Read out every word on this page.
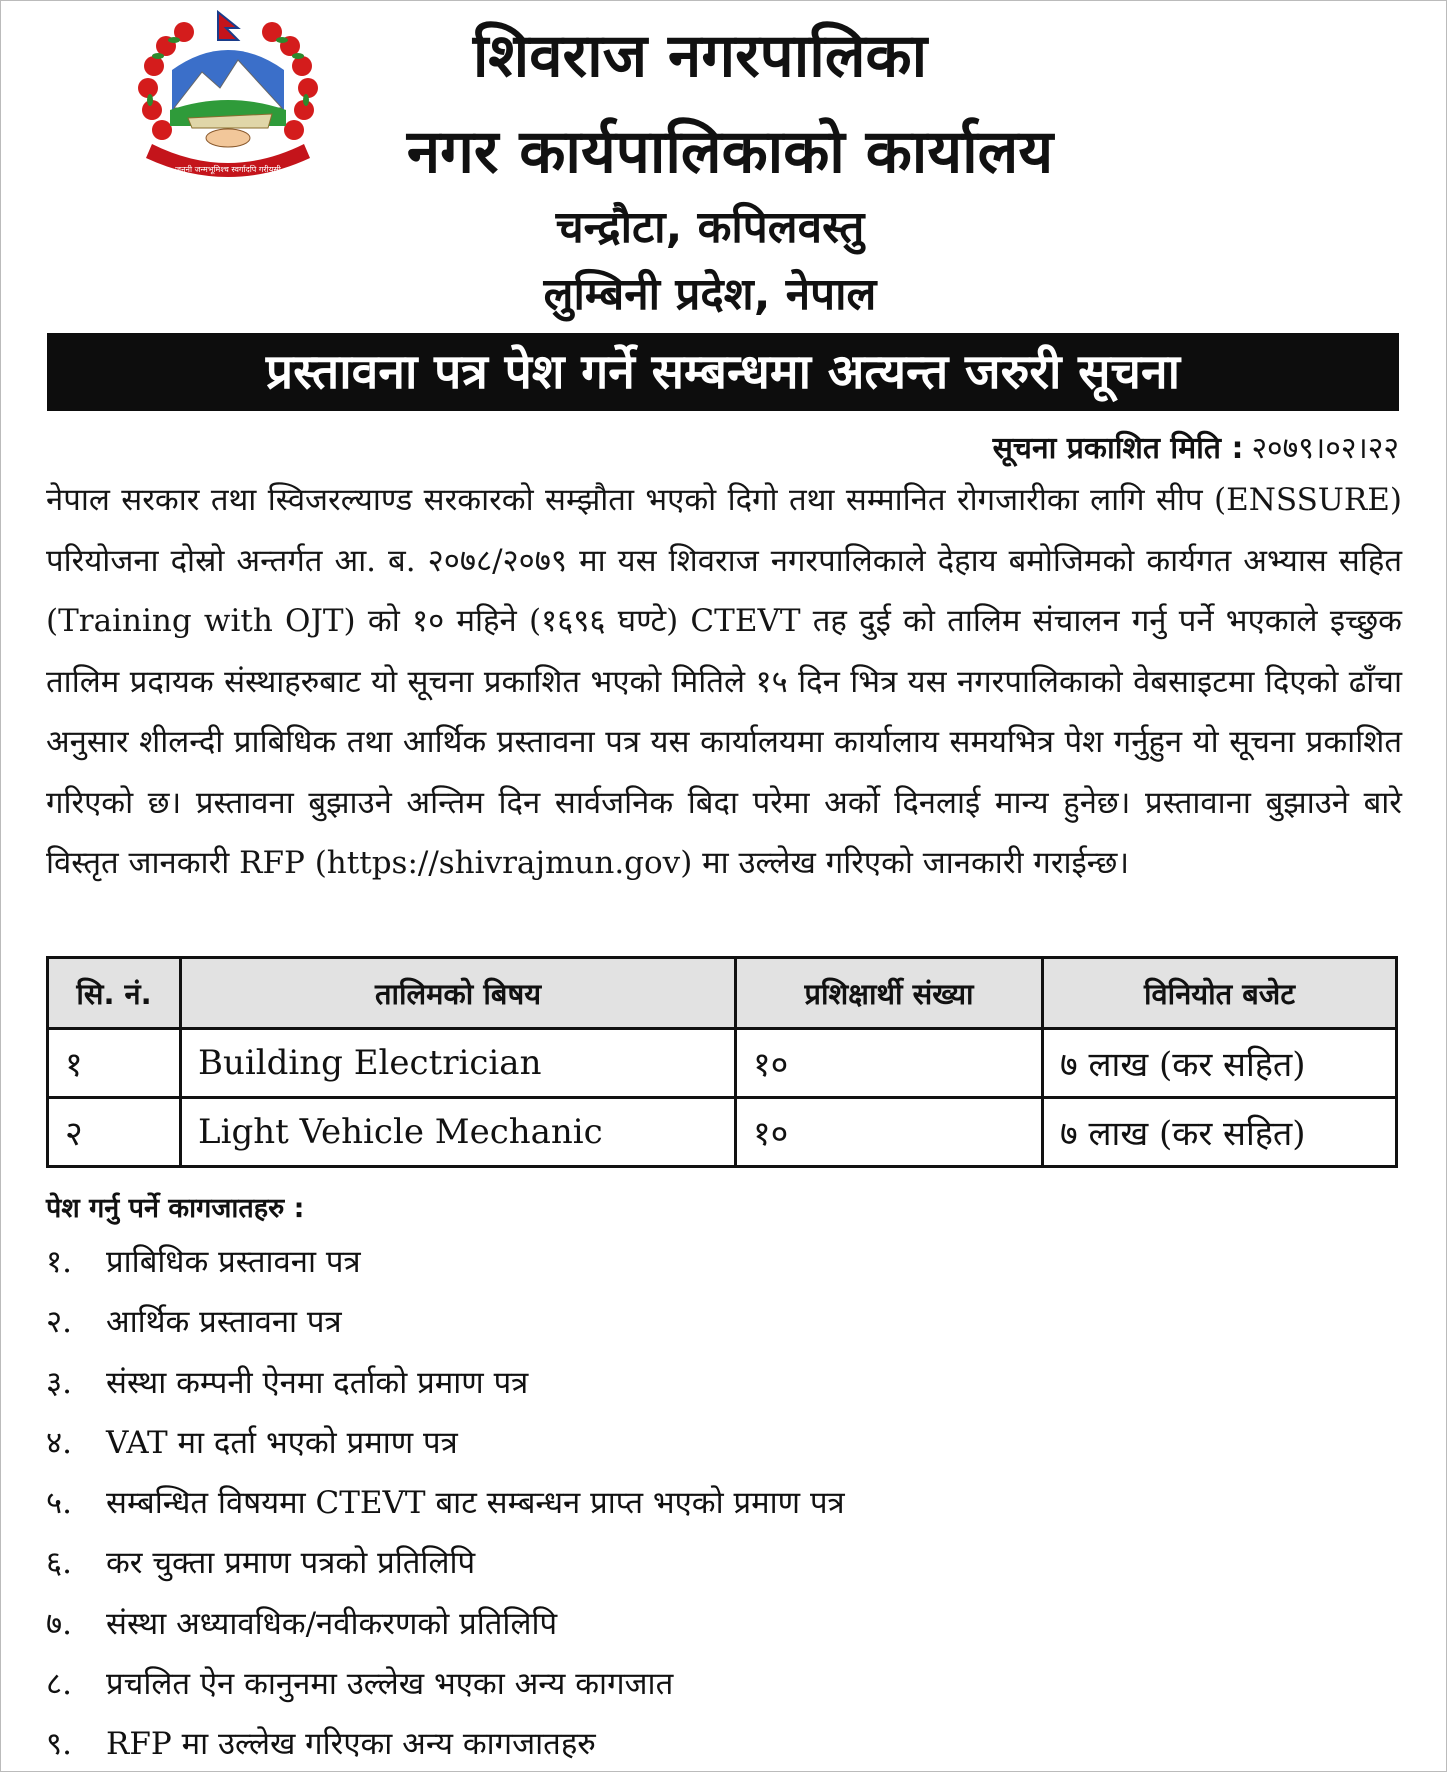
जननी जन्मभूमिश्च स्वर्गादपि गरीयसी
शिवराज नगरपालिका
नगर कार्यपालिकाको कार्यालय
चन्द्रौटा, कपिलवस्तु
लुम्बिनी प्रदेश, नेपाल
प्रस्तावना पत्र पेश गर्ने सम्बन्धमा अत्यन्त जरुरी सूचना
सूचना प्रकाशित मिति : २०७९।०२।२२
नेपाल सरकार तथा स्विजरल्याण्ड सरकारको सम्झौता भएको दिगो तथा सम्मानित रोगजारीका लागि सीप (ENSSURE) परियोजना दोस्रो अन्तर्गत आ. ब. २०७८/२०७९ मा यस शिवराज नगरपालिकाले देहाय बमोजिमको कार्यगत अभ्यास सहित (Training with OJT) को १० महिने (१६९६ घण्टे) CTEVT तह दुई को तालिम संचालन गर्नु पर्ने भएकाले इच्छुक तालिम प्रदायक संस्थाहरुबाट यो सूचना प्रकाशित भएको मितिले १५ दिन भित्र यस नगरपालिकाको वेबसाइटमा दिएको ढाँचा अनुसार शीलन्दी प्राबिधिक तथा आर्थिक प्रस्तावना पत्र यस कार्यालयमा कार्यालाय समयभित्र पेश गर्नुहुन यो सूचना प्रकाशित गरिएको छ। प्रस्तावना बुझाउने अन्तिम दिन सार्वजनिक बिदा परेमा अर्को दिनलाई मान्य हुनेछ। प्रस्तावाना बुझाउने बारे विस्तृत जानकारी RFP (https://shivrajmun.gov) मा उल्लेख गरिएको जानकारी गराईन्छ।
सि. नं.	तालिमको बिषय	प्रशिक्षार्थी संख्या	विनियोत बजेट
१	Building Electrician	१०	७ लाख (कर सहित)
२	Light Vehicle Mechanic	१०	७ लाख (कर सहित)
पेश गर्नु पर्ने कागजातहरु :
१. प्राबिधिक प्रस्तावना पत्र
२. आर्थिक प्रस्तावना पत्र
३. संस्था कम्पनी ऐनमा दर्ताको प्रमाण पत्र
४. VAT मा दर्ता भएको प्रमाण पत्र
५. सम्बन्धित विषयमा CTEVT बाट सम्बन्धन प्राप्त भएको प्रमाण पत्र
६. कर चुक्ता प्रमाण पत्रको प्रतिलिपि
७. संस्था अध्यावधिक/नवीकरणको प्रतिलिपि
८. प्रचलित ऐन कानुनमा उल्लेख भएका अन्य कागजात
९. RFP मा उल्लेख गरिएका अन्य कागजातहरु
